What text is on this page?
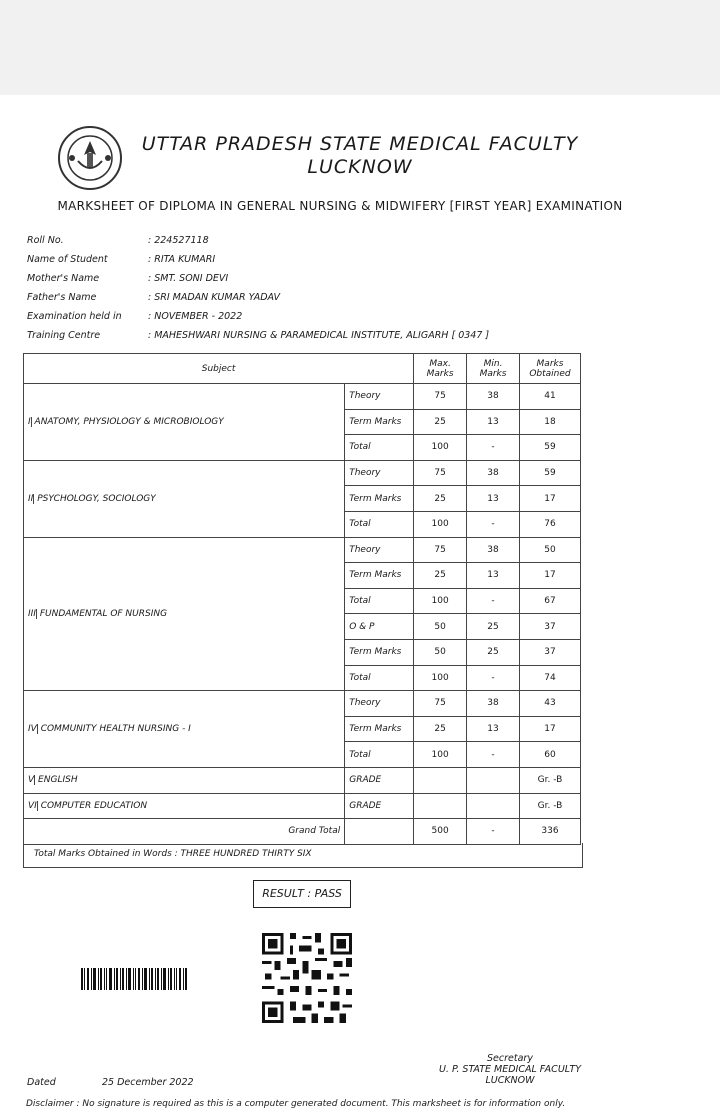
UTTAR PRADESH STATE MEDICAL FACULTY
LUCKNOW
MARKSHEET OF DIPLOMA IN GENERAL NURSING & MIDWIFERY [FIRST YEAR] EXAMINATION
Roll No.	: 224527118
Name of Student	: RITA KUMARI
Mother's Name	: SMT. SONI DEVI
Father's Name	: SRI MADAN KUMAR YADAV
Examination held in	: NOVEMBER - 2022
Training Centre	: MAHESHWARI NURSING & PARAMEDICAL INSTITUTE, ALIGARH [ 0347 ]
Subject		Max. Marks	Min. Marks	Marks Obtained
I ANATOMY, PHYSIOLOGY & MICROBIOLOGY	Theory	75	38	41
	Term Marks	25	13	18
	Total	100	-	59
II PSYCHOLOGY, SOCIOLOGY	Theory	75	38	59
	Term Marks	25	13	17
	Total	100	-	76
III FUNDAMENTAL OF NURSING	Theory	75	38	50
	Term Marks	25	13	17
	Total	100	-	67
	O & P	50	25	37
	Term Marks	50	25	37
	Total	100	-	74
IV COMMUNITY HEALTH NURSING - I	Theory	75	38	43
	Term Marks	25	13	17
	Total	100	-	60
V ENGLISH	GRADE			Gr. -B
VI COMPUTER EDUCATION	GRADE			Gr. -B
Grand Total		500	-	336
Total Marks Obtained in Words : THREE HUNDRED THIRTY SIX
RESULT : PASS
Secretary
U. P. STATE MEDICAL FACULTY
LUCKNOW
Dated	25 December 2022
Disclaimer : No signature is required as this is a computer generated document. This marksheet is for information only.
